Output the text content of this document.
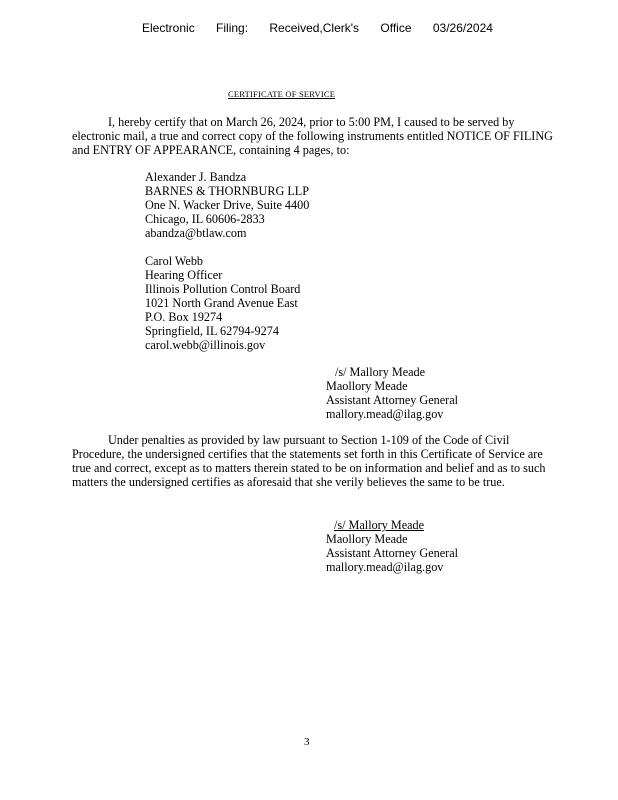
Electronic Filing: Received,Clerk's Office 03/26/2024
CERTIFICATE OF SERVICE
I, hereby certify that on March 26, 2024, prior to 5:00 PM, I caused to be served by
electronic mail, a true and correct copy of the following instruments entitled NOTICE OF FILING
and ENTRY OF APPEARANCE, containing 4 pages, to:
Alexander J. Bandza
BARNES & THORNBURG LLP
One N. Wacker Drive, Suite 4400
Chicago, IL 60606-2833
abandza@btlaw.com
Carol Webb
Hearing Officer
Illinois Pollution Control Board
1021 North Grand Avenue East
P.O. Box 19274
Springfield, IL 62794-9274
carol.webb@illinois.gov
/s/ Mallory Meade
Maollory Meade
Assistant Attorney General
mallory.mead@ilag.gov
Under penalties as provided by law pursuant to Section 1-109 of the Code of Civil
Procedure, the undersigned certifies that the statements set forth in this Certificate of Service are
true and correct, except as to matters therein stated to be on information and belief and as to such
matters the undersigned certifies as aforesaid that she verily believes the same to be true.
/s/ Mallory Meade
Maollory Meade
Assistant Attorney General
mallory.mead@ilag.gov
3
